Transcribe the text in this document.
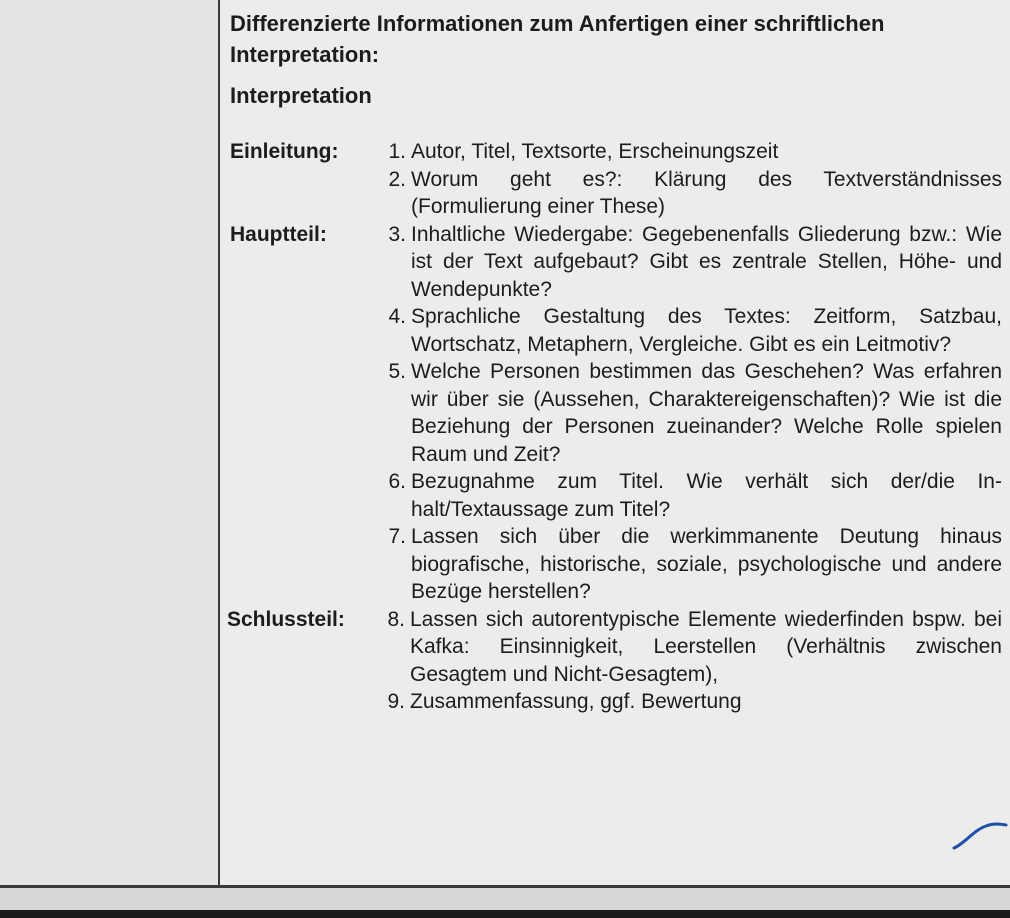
Differenzierte Informationen zum Anfertigen einer schriftlichen Interpretation:
Interpretation
Einleitung:	1. Autor, Titel, Textsorte, Erscheinungszeit
2. Worum geht es?: Klärung des Textverständnisses (Formulierung einer These)
Hauptteil:	3. Inhaltliche Wiedergabe: Gegebenenfalls Gliederung bzw.: Wie ist der Text aufgebaut? Gibt es zentrale Stellen, Höhe- und Wendepunkte?
4. Sprachliche Gestaltung des Textes: Zeitform, Satzbau, Wortschatz, Metaphern, Vergleiche. Gibt es ein Leitmotiv?
5. Welche Personen bestimmen das Geschehen? Was erfahren wir über sie (Aussehen, Charaktereigenschaften)? Wie ist die Beziehung der Personen zueinander? Welche Rolle spielen Raum und Zeit?
6. Bezugnahme zum Titel. Wie verhält sich der/die Inhalt/Textaussage zum Titel?
7. Lassen sich über die werkimmanente Deutung hinaus biografische, historische, soziale, psychologische und andere Bezüge herstellen?
Schlussteil:	8. Lassen sich autorentypische Elemente wiederfinden bspw. bei Kafka: Einsinnigkeit, Leerstellen (Verhältnis zwischen Gesagtem und Nicht-Gesagtem),
9. Zusammenfassung, ggf. Bewertung
